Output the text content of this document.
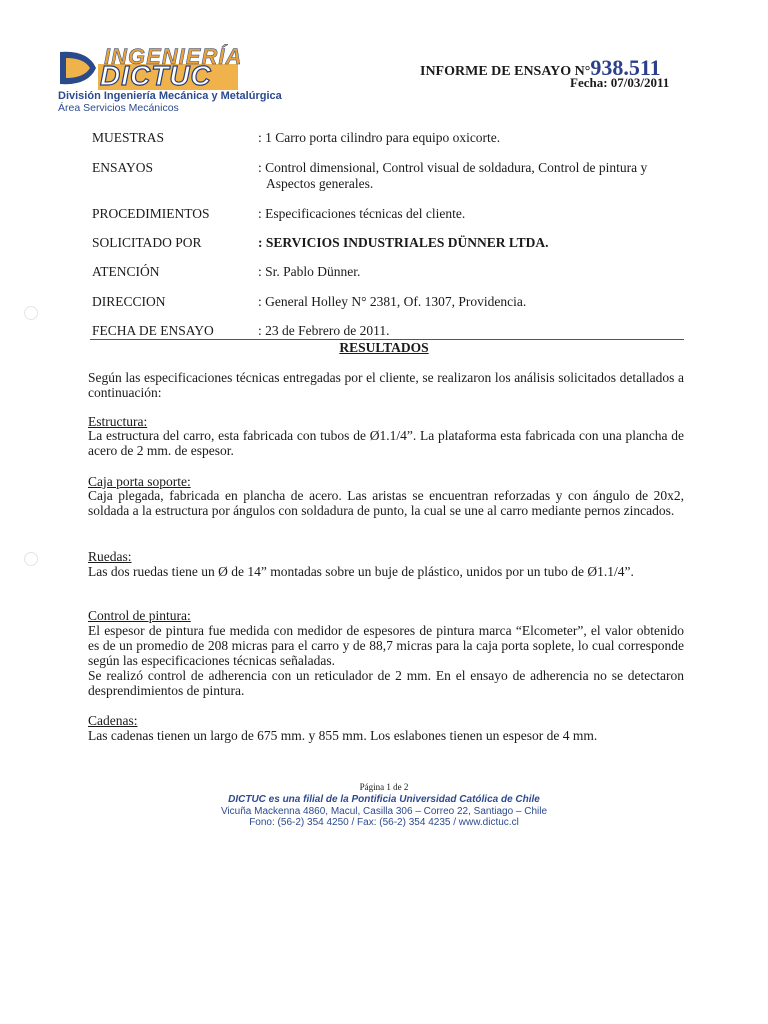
INGENIERÍA
DICTUC
División Ingeniería Mecánica y Metalúrgica
Área Servicios Mecánicos
INFORME DE ENSAYO N°938.511
Fecha: 07/03/2011
MUESTRAS	: 1 Carro porta cilindro para equipo oxicorte.
ENSAYOS	: Control dimensional, Control visual de soldadura, Control de pintura y
Aspectos generales.
PROCEDIMIENTOS	: Especificaciones técnicas del cliente.
SOLICITADO POR	: SERVICIOS INDUSTRIALES DÜNNER LTDA.
ATENCIÓN	: Sr. Pablo Dünner.
DIRECCION	: General Holley N° 2381, Of. 1307, Providencia.
FECHA DE ENSAYO	: 23 de Febrero de 2011.
RESULTADOS
Según las especificaciones técnicas entregadas por el cliente, se realizaron los análisis solicitados detallados a continuación:
Estructura:
La estructura del carro, esta fabricada con tubos de Ø1.1/4”. La plataforma esta fabricada con una plancha de acero de 2 mm. de espesor.
Caja porta soporte:
Caja plegada, fabricada en plancha de acero. Las aristas se encuentran reforzadas y con ángulo de 20x2, soldada a la estructura por ángulos con soldadura de punto, la cual se une al carro mediante pernos zincados.
Ruedas:
Las dos ruedas tiene un Ø de 14” montadas sobre un buje de plástico, unidos por un tubo de Ø1.1/4”.
Control de pintura:
El espesor de pintura fue medida con medidor de espesores de pintura marca “Elcometer”, el valor obtenido es de un promedio de 208 micras para el carro y de 88,7 micras para la caja porta soplete, lo cual corresponde según las especificaciones técnicas señaladas.
Se realizó control de adherencia con un reticulador de 2 mm. En el ensayo de adherencia no se detectaron desprendimientos de pintura.
Cadenas:
Las cadenas tienen un largo de 675 mm. y 855 mm. Los eslabones tienen un espesor de 4 mm.
Página 1 de 2
DICTUC es una filial de la Pontificia Universidad Católica de Chile
Vicuña Mackenna 4860, Macul, Casilla 306 – Correo 22, Santiago – Chile
Fono: (56-2) 354 4250 / Fax: (56-2) 354 4235 / www.dictuc.cl
